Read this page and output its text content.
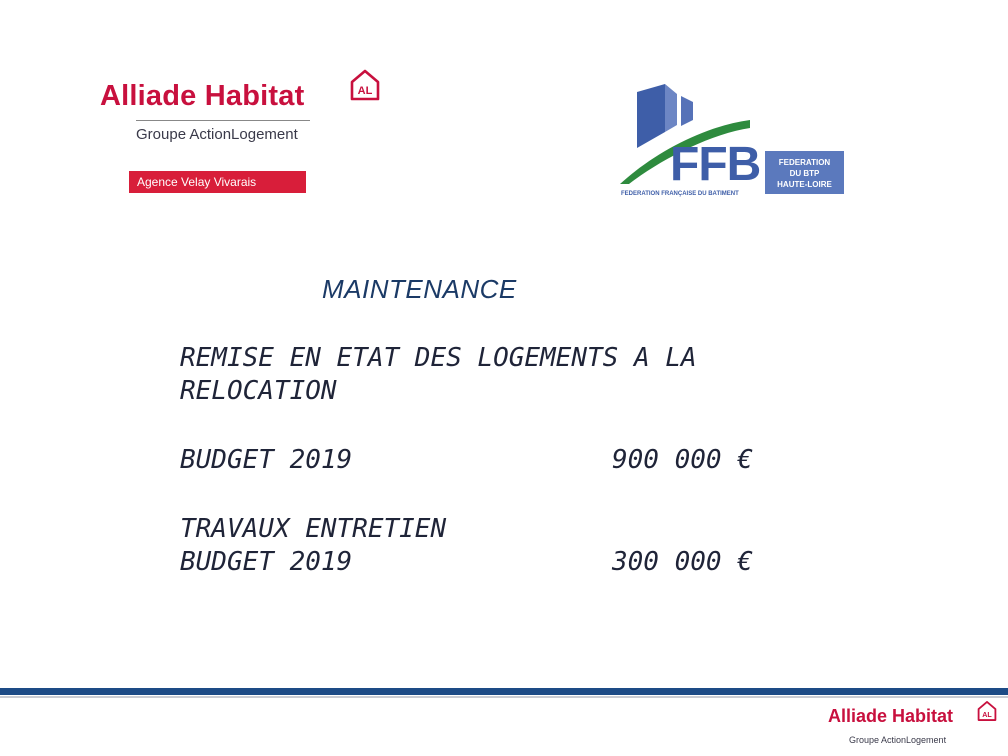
Alliade Habitat	AL
Groupe ActionLogement
Agence Velay Vivarais	FFB
FEDERATION FRANÇAISE DU BATIMENT
FEDERATION
DU BTP
HAUTE-LOIRE
MAINTENANCE
REMISE EN ETAT DES LOGEMENTS A LA
RELOCATION
BUDGET 2019	900 000 €
TRAVAUX ENTRETIEN
BUDGET 2019	300 000 €
Alliade Habitat	AL
Groupe ActionLogement
